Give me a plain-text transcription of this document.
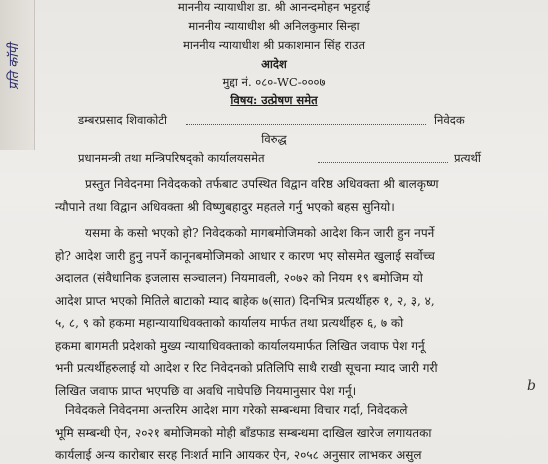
प्रति कॉपी
माननीय न्यायाधीश डा. श्री आनन्दमोहन भट्टराई
माननीय न्यायाधीश श्री अनिलकुमार सिन्हा
माननीय न्यायाधीश श्री प्रकाशमान सिंह राउत
आदेश
मुद्दा नं. ०८०-WC-०००७
विषय: उत्प्रेषण समेत
डम्बरप्रसाद शिवाकोटी	निवेदक
विरुद्ध
प्रधानमन्त्री तथा मन्त्रिपरिषद्को कार्यालयसमेत	प्रत्यर्थी
प्रस्तुत निवेदनमा निवेदकको तर्फबाट उपस्थित विद्वान वरिष्ठ अधिवक्ता श्री बालकृष्ण
न्यौपाने तथा विद्वान अधिवक्ता श्री विष्णुबहादुर महतले गर्नु भएको बहस सुनियो।
यसमा के कसो भएको हो? निवेदकको मागबमोजिमको आदेश किन जारी हुन नपर्ने
हो? आदेश जारी हुनु नपर्ने कानूनबमोजिमको आधार र कारण भए सोसमेत खुलाई सर्वोच्च
अदालत (संवैधानिक इजलास सञ्चालन) नियमावली, २०७२ को नियम १९ बमोजिम यो
आदेश प्राप्त भएको मितिले बाटाको म्याद बाहेक ७(सात) दिनभित्र प्रत्यर्थीहरु १, २, ३, ४,
५, ८, ९ को हकमा महान्यायाधिवक्ताको कार्यालय मार्फत तथा प्रत्यर्थीहरु ६, ७ को
हकमा बागमती प्रदेशको मुख्य न्यायाधिवक्ताको कार्यालयमार्फत लिखित जवाफ पेश गर्नू
भनी प्रत्यर्थीहरुलाई यो आदेश र रिट निवेदनको प्रतिलिपि साथै राखी सूचना म्याद जारी गरी
लिखित जवाफ प्राप्त भएपछि वा अवधि नाघेपछि नियमानुसार पेश गर्नू।
निवेदकले निवेदनमा अन्तरिम आदेश माग गरेको सम्बन्धमा विचार गर्दा, निवेदकले
भूमि सम्बन्धी ऐन, २०२१ बमोजिमको मोही बाँडफाड सम्बन्धमा दाखिल खारेज लगायतका
कार्यलाई अन्य कारोबार सरह निःशर्त मानि आयकर ऐन, २०५८ अनुसार लाभकर असुल
b
